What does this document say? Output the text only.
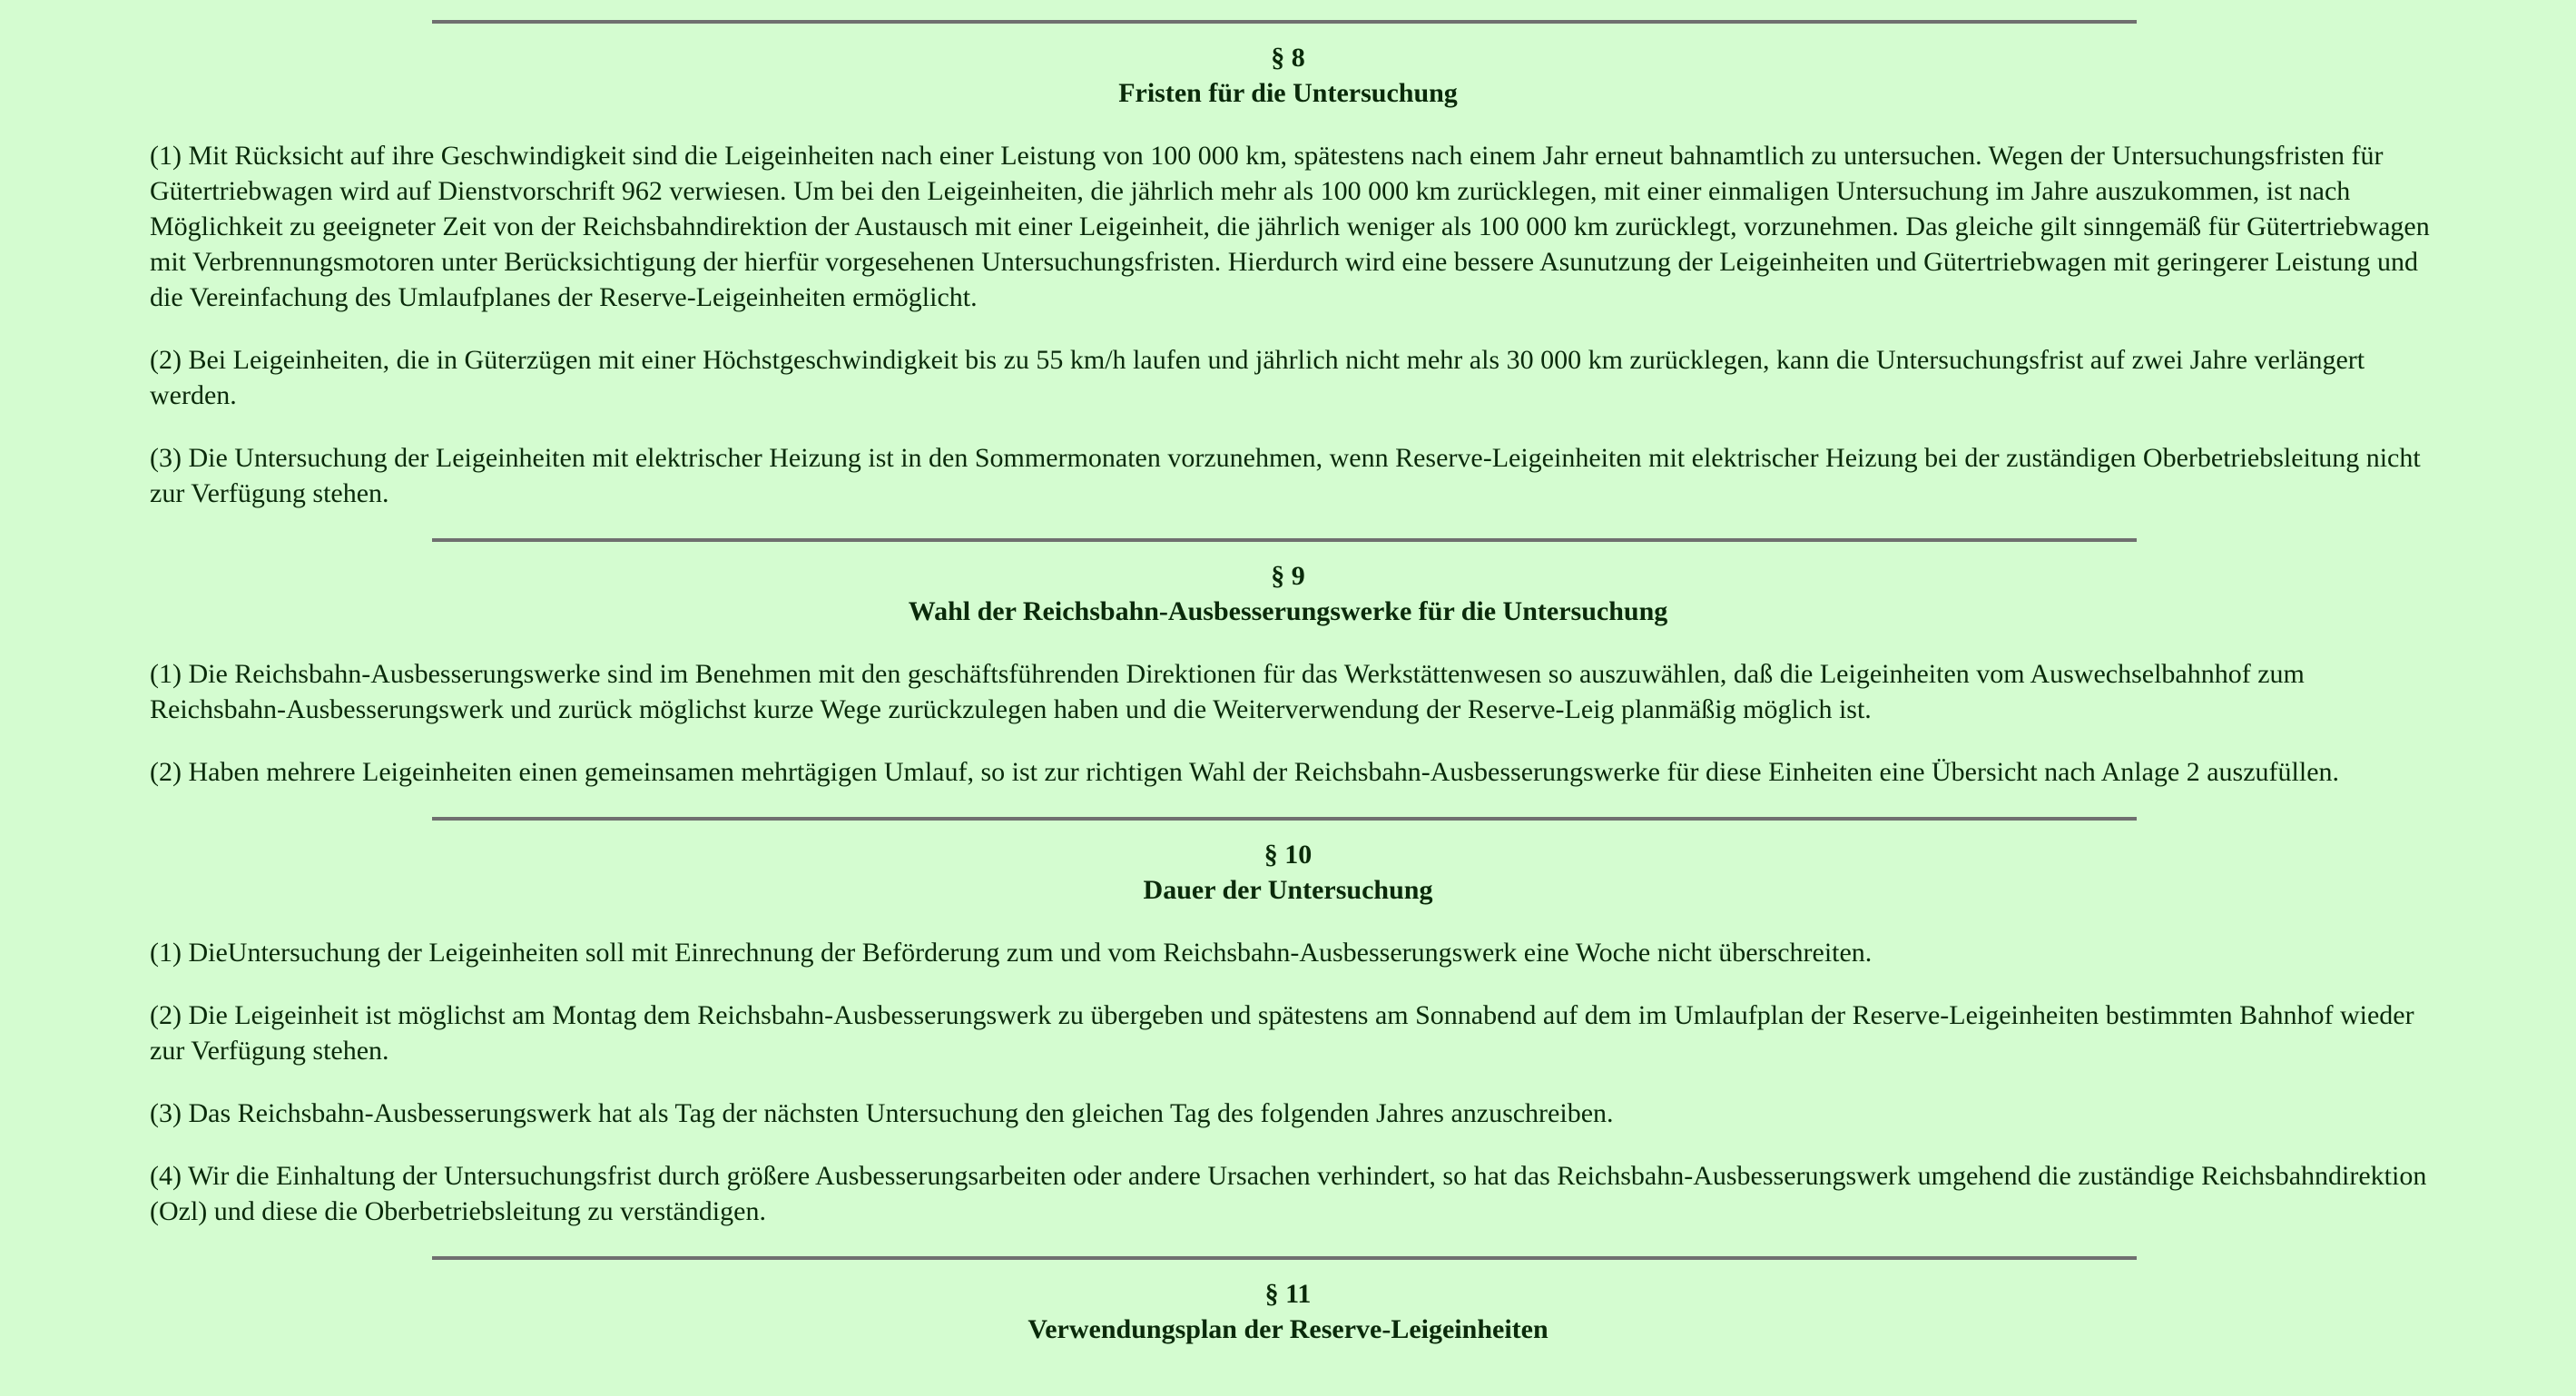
§ 8
Fristen für die Untersuchung

(1) Mit Rücksicht auf ihre Geschwindigkeit sind die Leigeinheiten nach einer Leistung von 100 000 km, spätestens nach einem Jahr erneut bahnamtlich zu untersuchen. Wegen der Untersuchungsfristen für Gütertriebwagen wird auf Dienstvorschrift 962 verwiesen. Um bei den Leigeinheiten, die jährlich mehr als 100 000 km zurücklegen, mit einer einmaligen Untersuchung im Jahre auszukommen, ist nach Möglichkeit zu geeigneter Zeit von der Reichsbahndirektion der Austausch mit einer Leigeinheit, die jährlich weniger als 100 000 km zurücklegt, vorzunehmen. Das gleiche gilt sinngemäß für Gütertriebwagen mit Verbrennungsmotoren unter Berücksichtigung der hierfür vorgesehenen Untersuchungsfristen. Hierdurch wird eine bessere Asunutzung der Leigeinheiten und Gütertriebwagen mit geringerer Leistung und die Vereinfachung des Umlaufplanes der Reserve-Leigeinheiten ermöglicht.

(2) Bei Leigeinheiten, die in Güterzügen mit einer Höchstgeschwindigkeit bis zu 55 km/h laufen und jährlich nicht mehr als 30 000 km zurücklegen, kann die Untersuchungsfrist auf zwei Jahre verlängert werden.

(3) Die Untersuchung der Leigeinheiten mit elektrischer Heizung ist in den Sommermonaten vorzunehmen, wenn Reserve-Leigeinheiten mit elektrischer Heizung bei der zuständigen Oberbetriebsleitung nicht zur Verfügung stehen.

§ 9
Wahl der Reichsbahn-Ausbesserungswerke für die Untersuchung

(1) Die Reichsbahn-Ausbesserungswerke sind im Benehmen mit den geschäftsführenden Direktionen für das Werkstättenwesen so auszuwählen, daß die Leigeinheiten vom Auswechselbahnhof zum Reichsbahn-Ausbesserungswerk und zurück möglichst kurze Wege zurückzulegen haben und die Weiterverwendung der Reserve-Leig planmäßig möglich ist.

(2) Haben mehrere Leigeinheiten einen gemeinsamen mehrtägigen Umlauf, so ist zur richtigen Wahl der Reichsbahn-Ausbesserungswerke für diese Einheiten eine Übersicht nach Anlage 2 auszufüllen.

§ 10
Dauer der Untersuchung

(1) DieUntersuchung der Leigeinheiten soll mit Einrechnung der Beförderung zum und vom Reichsbahn-Ausbesserungswerk eine Woche nicht überschreiten.

(2) Die Leigeinheit ist möglichst am Montag dem Reichsbahn-Ausbesserungswerk zu übergeben und spätestens am Sonnabend auf dem im Umlaufplan der Reserve-Leigeinheiten bestimmten Bahnhof wieder zur Verfügung stehen.

(3) Das Reichsbahn-Ausbesserungswerk hat als Tag der nächsten Untersuchung den gleichen Tag des folgenden Jahres anzuschreiben.

(4) Wir die Einhaltung der Untersuchungsfrist durch größere Ausbesserungsarbeiten oder andere Ursachen verhindert, so hat das Reichsbahn-Ausbesserungswerk umgehend die zuständige Reichsbahndirektion (Ozl) und diese die Oberbetriebsleitung zu verständigen.

§ 11
Verwendungsplan der Reserve-Leigeinheiten
